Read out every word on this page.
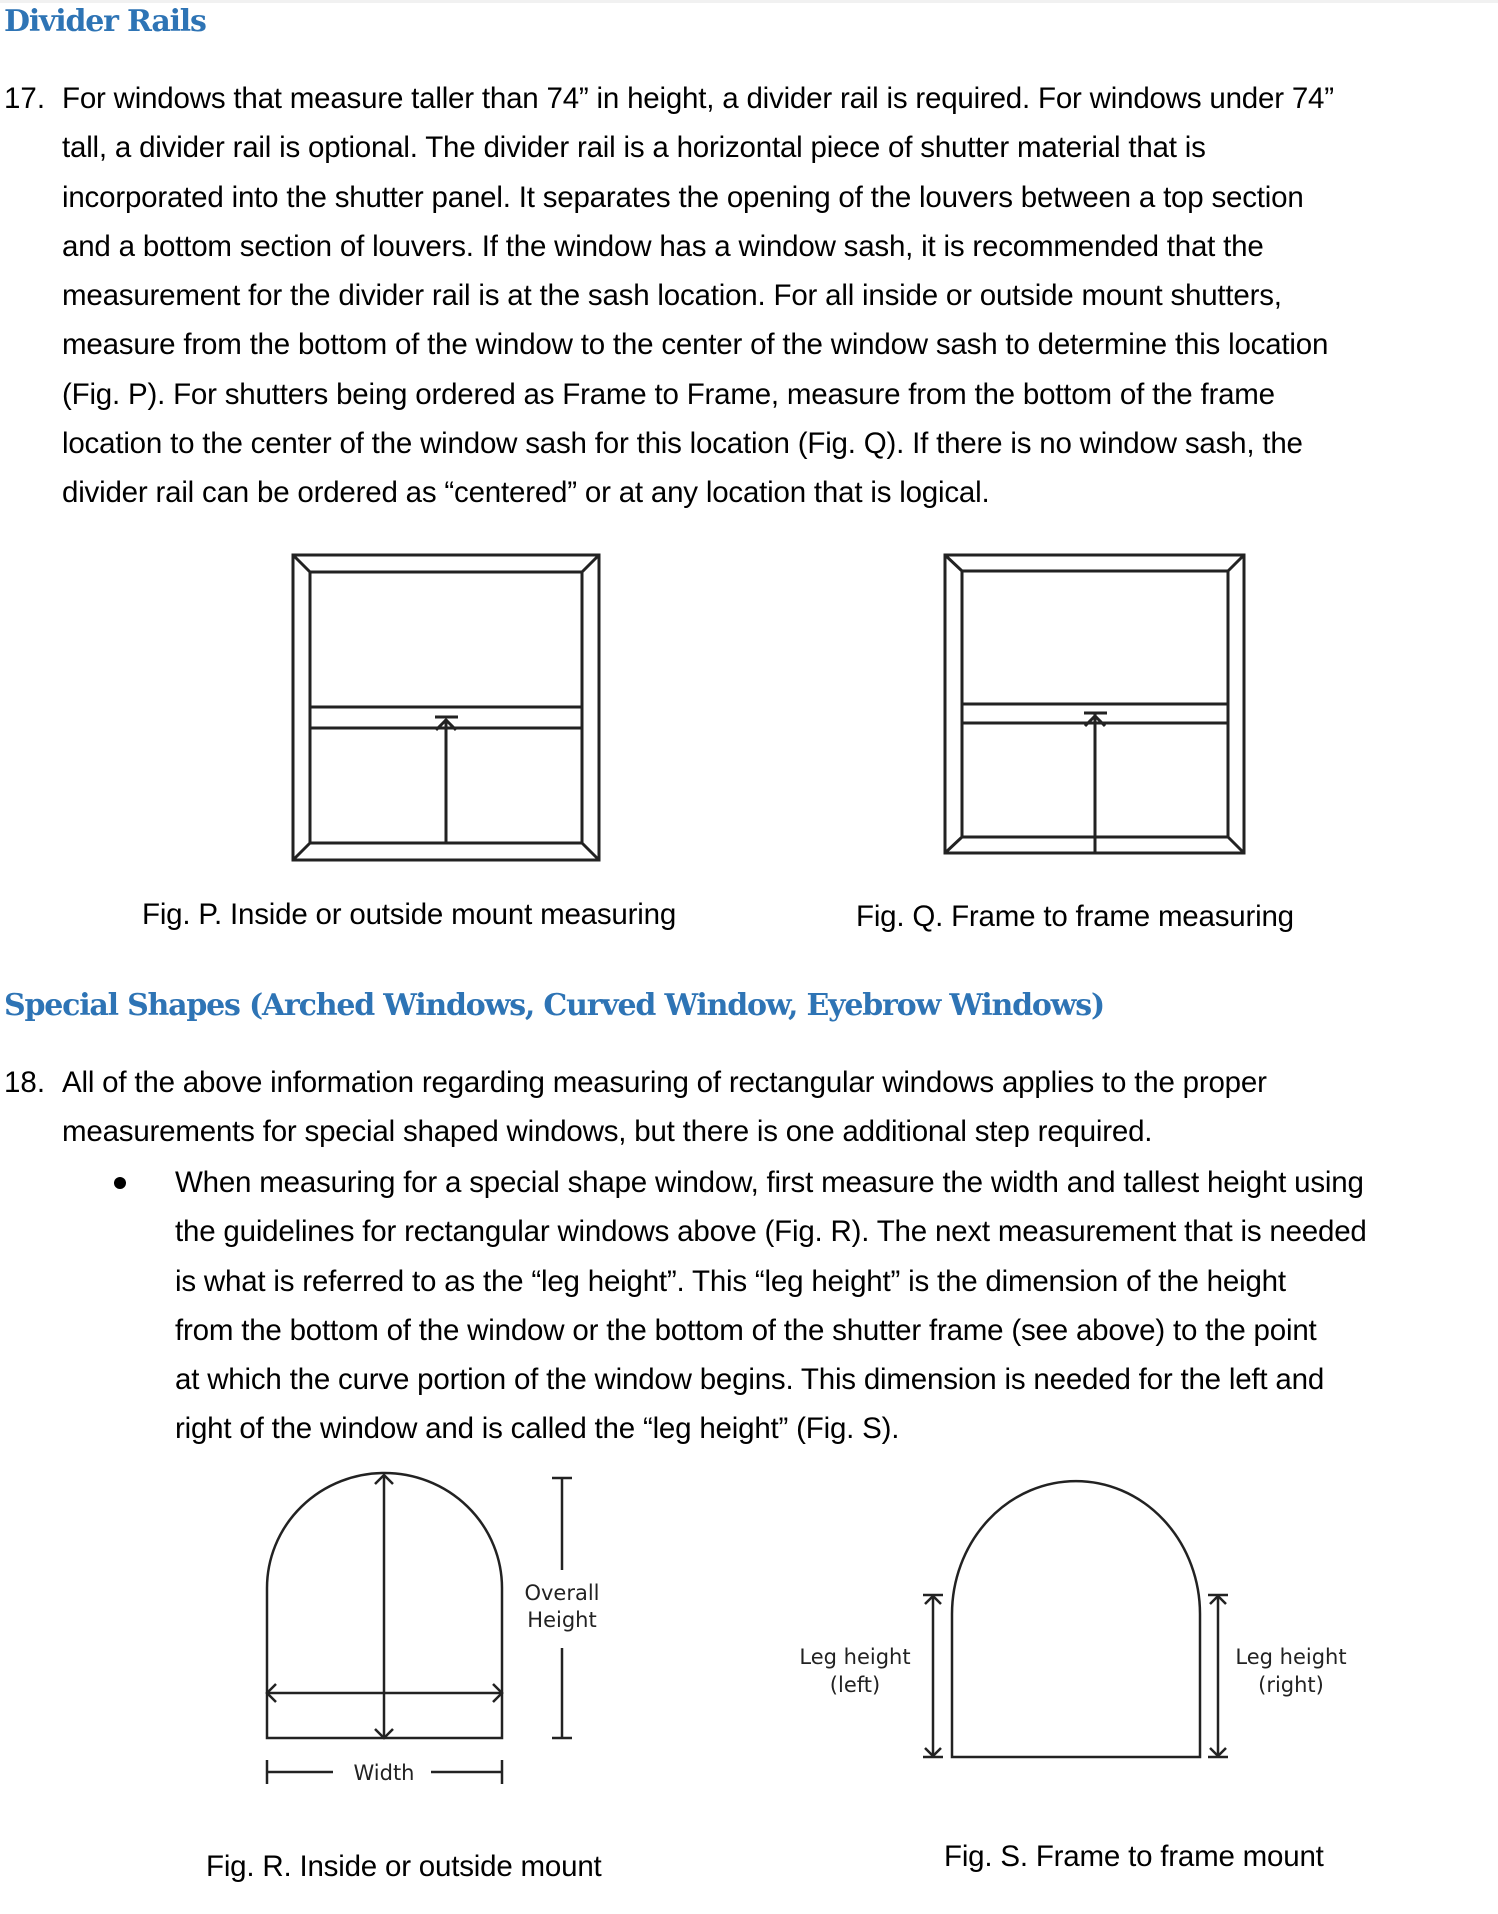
Divider Rails
17. For windows that measure taller than 74” in height, a divider rail is required. For windows under 74”
tall, a divider rail is optional. The divider rail is a horizontal piece of shutter material that is
incorporated into the shutter panel. It separates the opening of the louvers between a top section
and a bottom section of louvers. If the window has a window sash, it is recommended that the
measurement for the divider rail is at the sash location. For all inside or outside mount shutters,
measure from the bottom of the window to the center of the window sash to determine this location
(Fig. P). For shutters being ordered as Frame to Frame, measure from the bottom of the frame
location to the center of the window sash for this location (Fig. Q). If there is no window sash, the
divider rail can be ordered as “centered” or at any location that is logical.
Overall
Height
Width
Leg height
(left)
Leg height
(right)
Fig. P. Inside or outside mount measuring	Fig. Q. Frame to frame measuring
Special Shapes (Arched Windows, Curved Window, Eyebrow Windows)
18. All of the above information regarding measuring of rectangular windows applies to the proper
measurements for special shaped windows, but there is one additional step required.
When measuring for a special shape window, first measure the width and tallest height using
the guidelines for rectangular windows above (Fig. R). The next measurement that is needed
is what is referred to as the “leg height”. This “leg height” is the dimension of the height
from the bottom of the window or the bottom of the shutter frame (see above) to the point
at which the curve portion of the window begins. This dimension is needed for the left and
right of the window and is called the “leg height” (Fig. S).
Fig. R. Inside or outside mount	Fig. S. Frame to frame mount
